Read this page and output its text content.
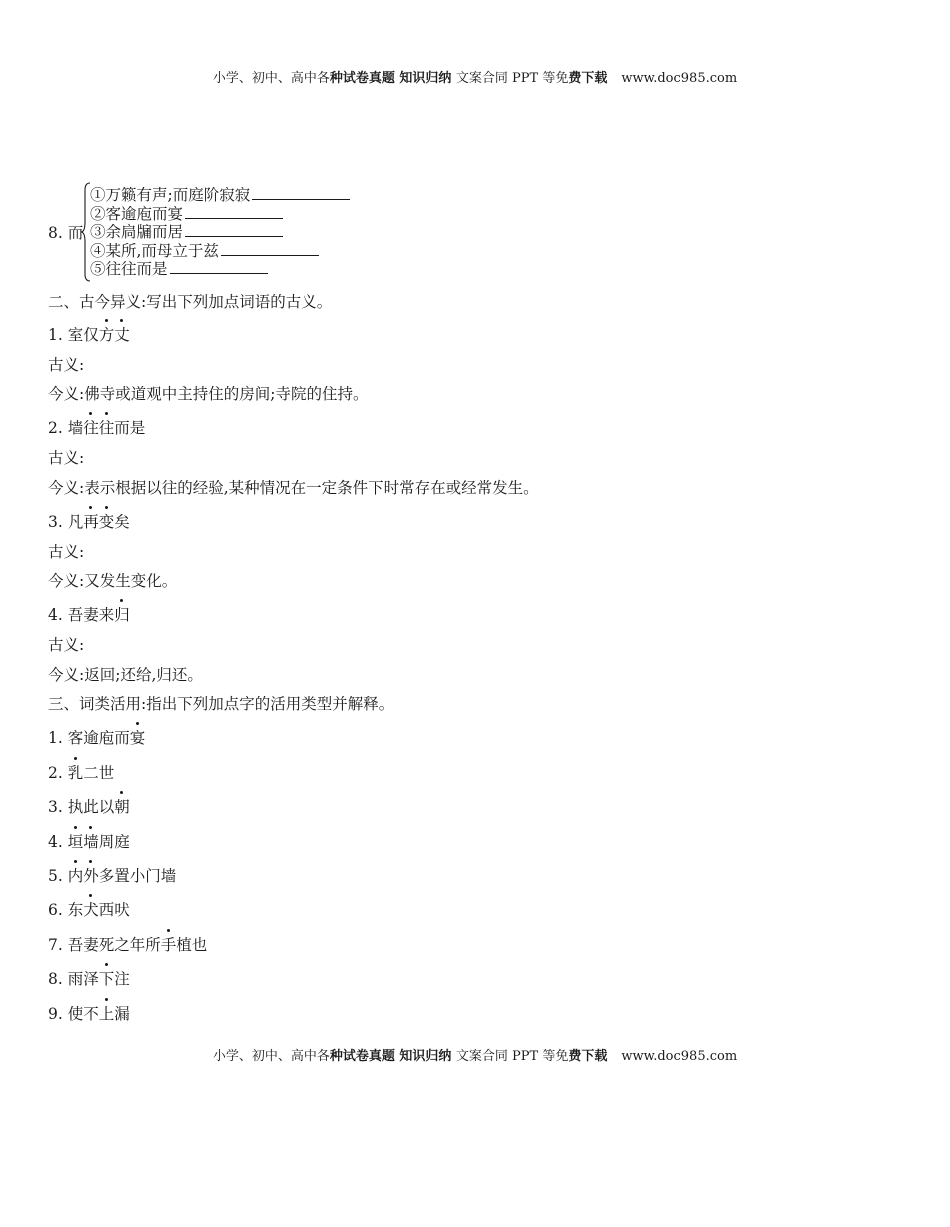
小学、初中、高中各种试卷真题 知识归纳 文案合同 PPT 等免费下载 www.doc985.com
8. 而
①万籁有声;而庭阶寂寂
②客逾庖而宴
③余扃牖而居
④某所,而母立于兹
⑤往往而是
二、古今异义:写出下列加点词语的古义。
1. 室仅方丈
古义:
今义:佛寺或道观中主持住的房间;寺院的住持。
2. 墙往往而是
古义:
今义:表示根据以往的经验,某种情况在一定条件下时常存在或经常发生。
3. 凡再变矣
古义:
今义:又发生变化。
4. 吾妻来归
古义:
今义:返回;还给,归还。
三、词类活用:指出下列加点字的活用类型并解释。
1. 客逾庖而宴
2. 乳二世
3. 执此以朝
4. 垣墙周庭
5. 内外多置小门墙
6. 东犬西吠
7. 吾妻死之年所手植也
8. 雨泽下注
9. 使不上漏
小学、初中、高中各种试卷真题 知识归纳 文案合同 PPT 等免费下载 www.doc985.com
